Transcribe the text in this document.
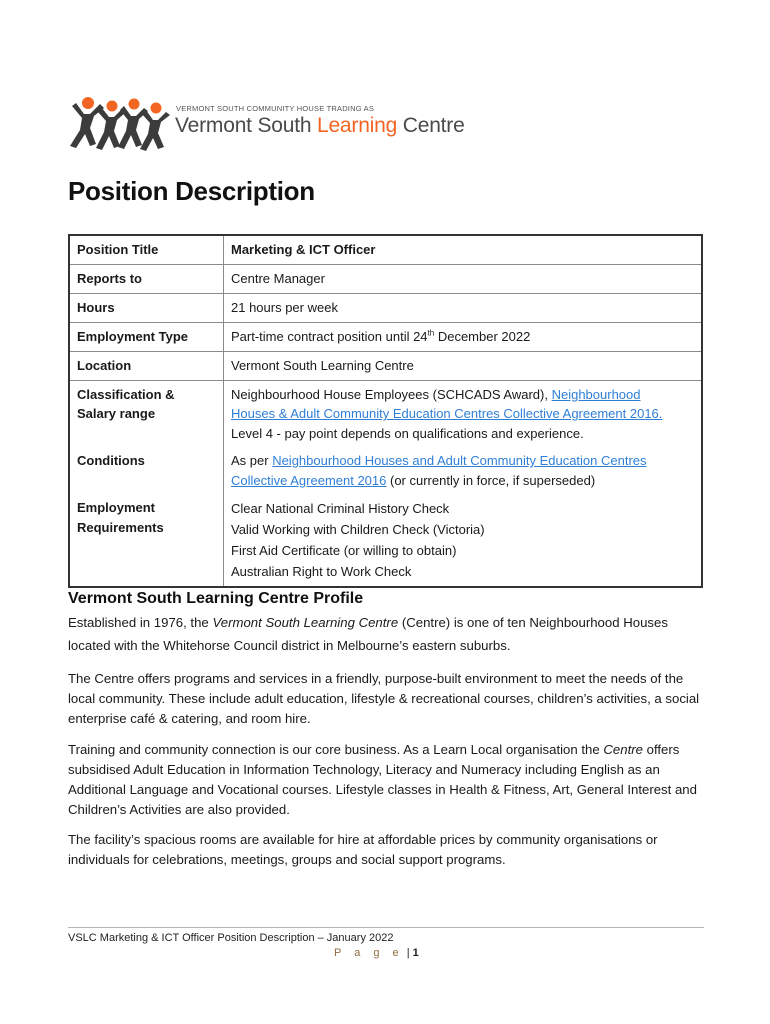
VERMONT SOUTH COMMUNITY HOUSE TRADING AS
Vermont South Learning Centre
Position Description
Position Title	Marketing & ICT Officer
Reports to	Centre Manager
Hours	21 hours per week
Employment Type	Part-time contract position until 24th December 2022
Location	Vermont South Learning Centre

Classification &
Salary range	Neighbourhood House Employees (SCHCADS Award), Neighbourhood
Houses & Adult Community Education Centres Collective Agreement 2016.
Level 4 - pay point depends on qualifications and experience.

Conditions	As per Neighbourhood Houses and Adult Community Education Centres
Collective Agreement 2016 (or currently in force, if superseded)

Employment
Requirements	Clear National Criminal History Check
Valid Working with Children Check (Victoria)
First Aid Certificate (or willing to obtain)
Australian Right to Work Check
Vermont South Learning Centre Profile

Established in 1976, the Vermont South Learning Centre (Centre) is one of ten Neighbourhood Houses located with the Whitehorse Council district in Melbourne’s eastern suburbs.

The Centre offers programs and services in a friendly, purpose-built environment to meet the needs of the local community. These include adult education, lifestyle & recreational courses, children’s activities, a social enterprise café & catering, and room hire.

Training and community connection is our core business. As a Learn Local organisation the Centre offers subsidised Adult Education in Information Technology, Literacy and Numeracy including English as an Additional Language and Vocational courses. Lifestyle classes in Health & Fitness, Art, General Interest and Children’s Activities are also provided.

The facility’s spacious rooms are available for hire at affordable prices by community organisations or individuals for celebrations, meetings, groups and social support programs.

VSLC Marketing & ICT Officer Position Description – January 2022
P a g e | 1
